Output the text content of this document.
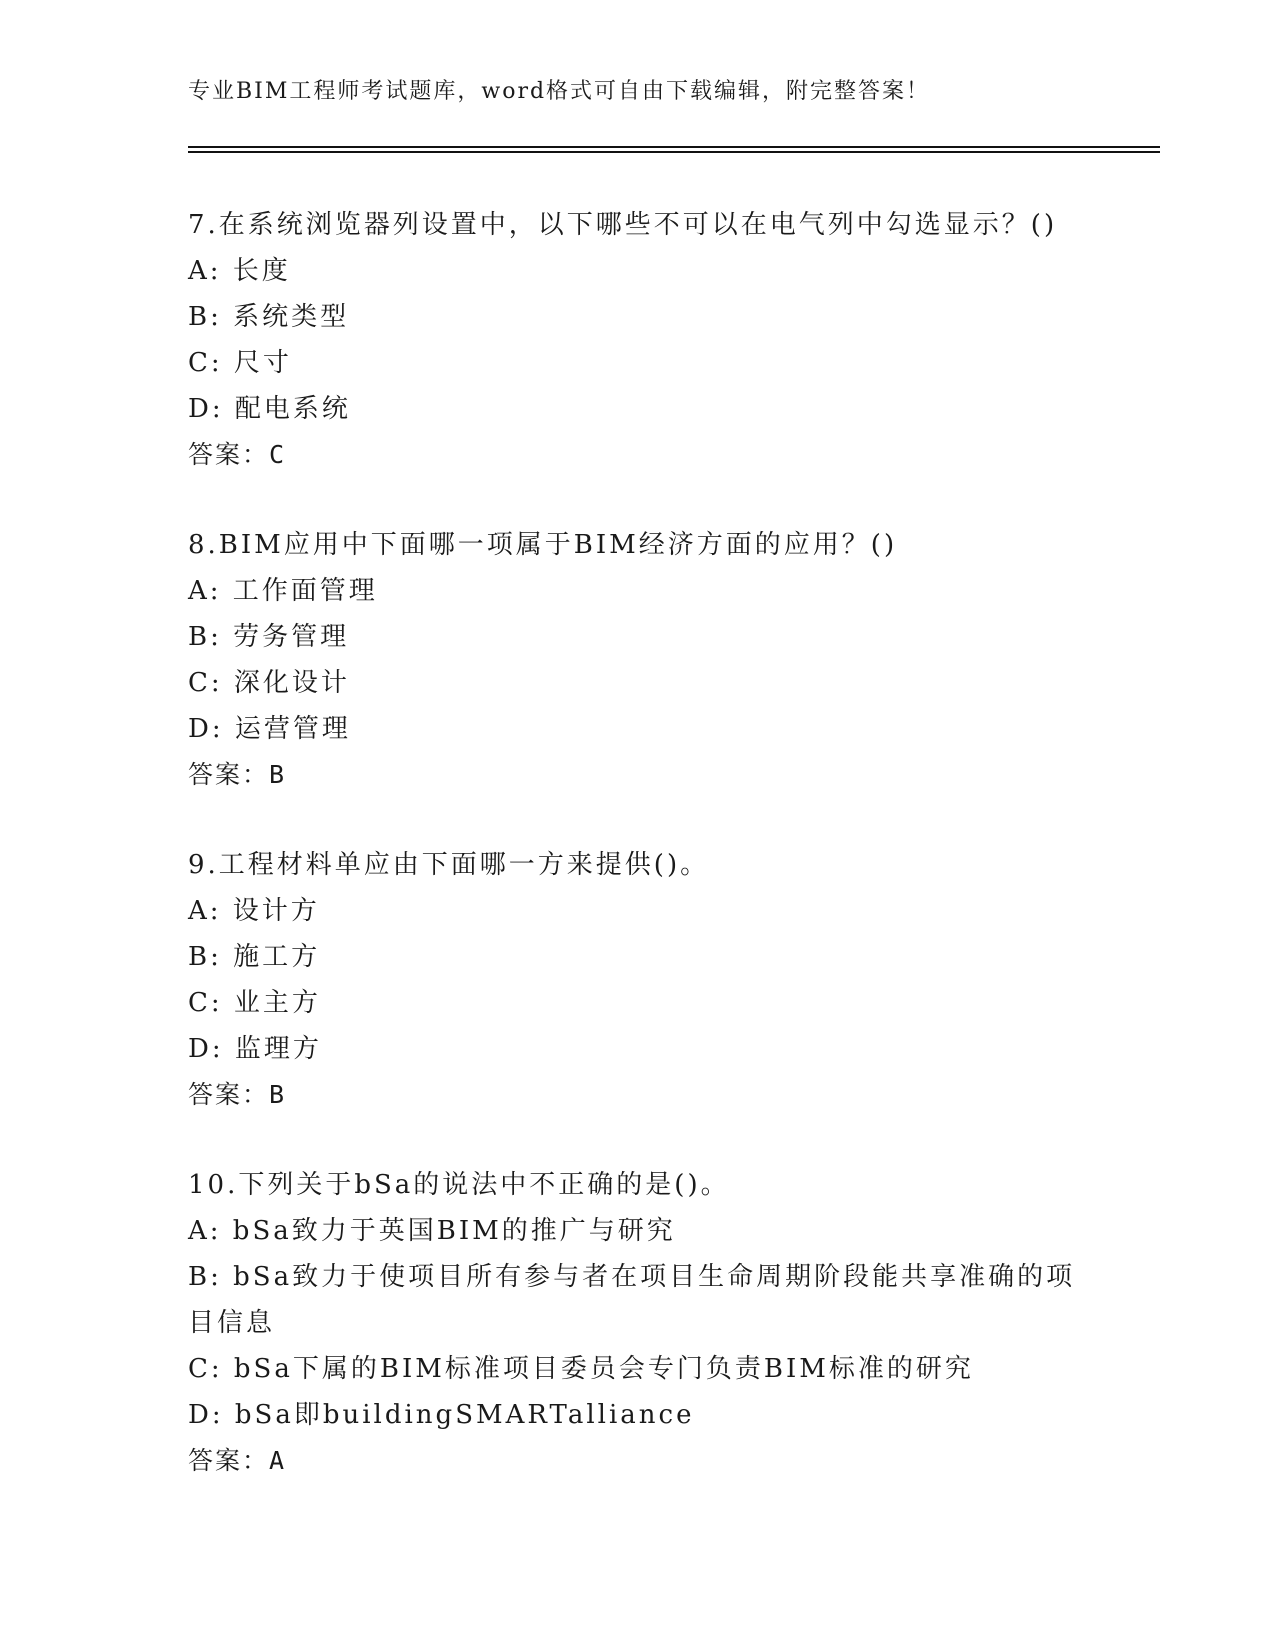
专业BIM工程师考试题库，word格式可自由下载编辑，附完整答案！
7.在系统浏览器列设置中，以下哪些不可以在电气列中勾选显示？()
A: 长度
B: 系统类型
C: 尺寸
D: 配电系统
答案：C
8.BIM应用中下面哪一项属于BIM经济方面的应用？()
A: 工作面管理
B: 劳务管理
C: 深化设计
D: 运营管理
答案：B
9.工程材料单应由下面哪一方来提供()。
A: 设计方
B: 施工方
C: 业主方
D: 监理方
答案：B
10.下列关于bSa的说法中不正确的是()。
A: bSa致力于英国BIM的推广与研究
B: bSa致力于使项目所有参与者在项目生命周期阶段能共享准确的项目信息
C: bSa下属的BIM标准项目委员会专门负责BIM标准的研究
D: bSa即buildingSMARTalliance
答案：A
